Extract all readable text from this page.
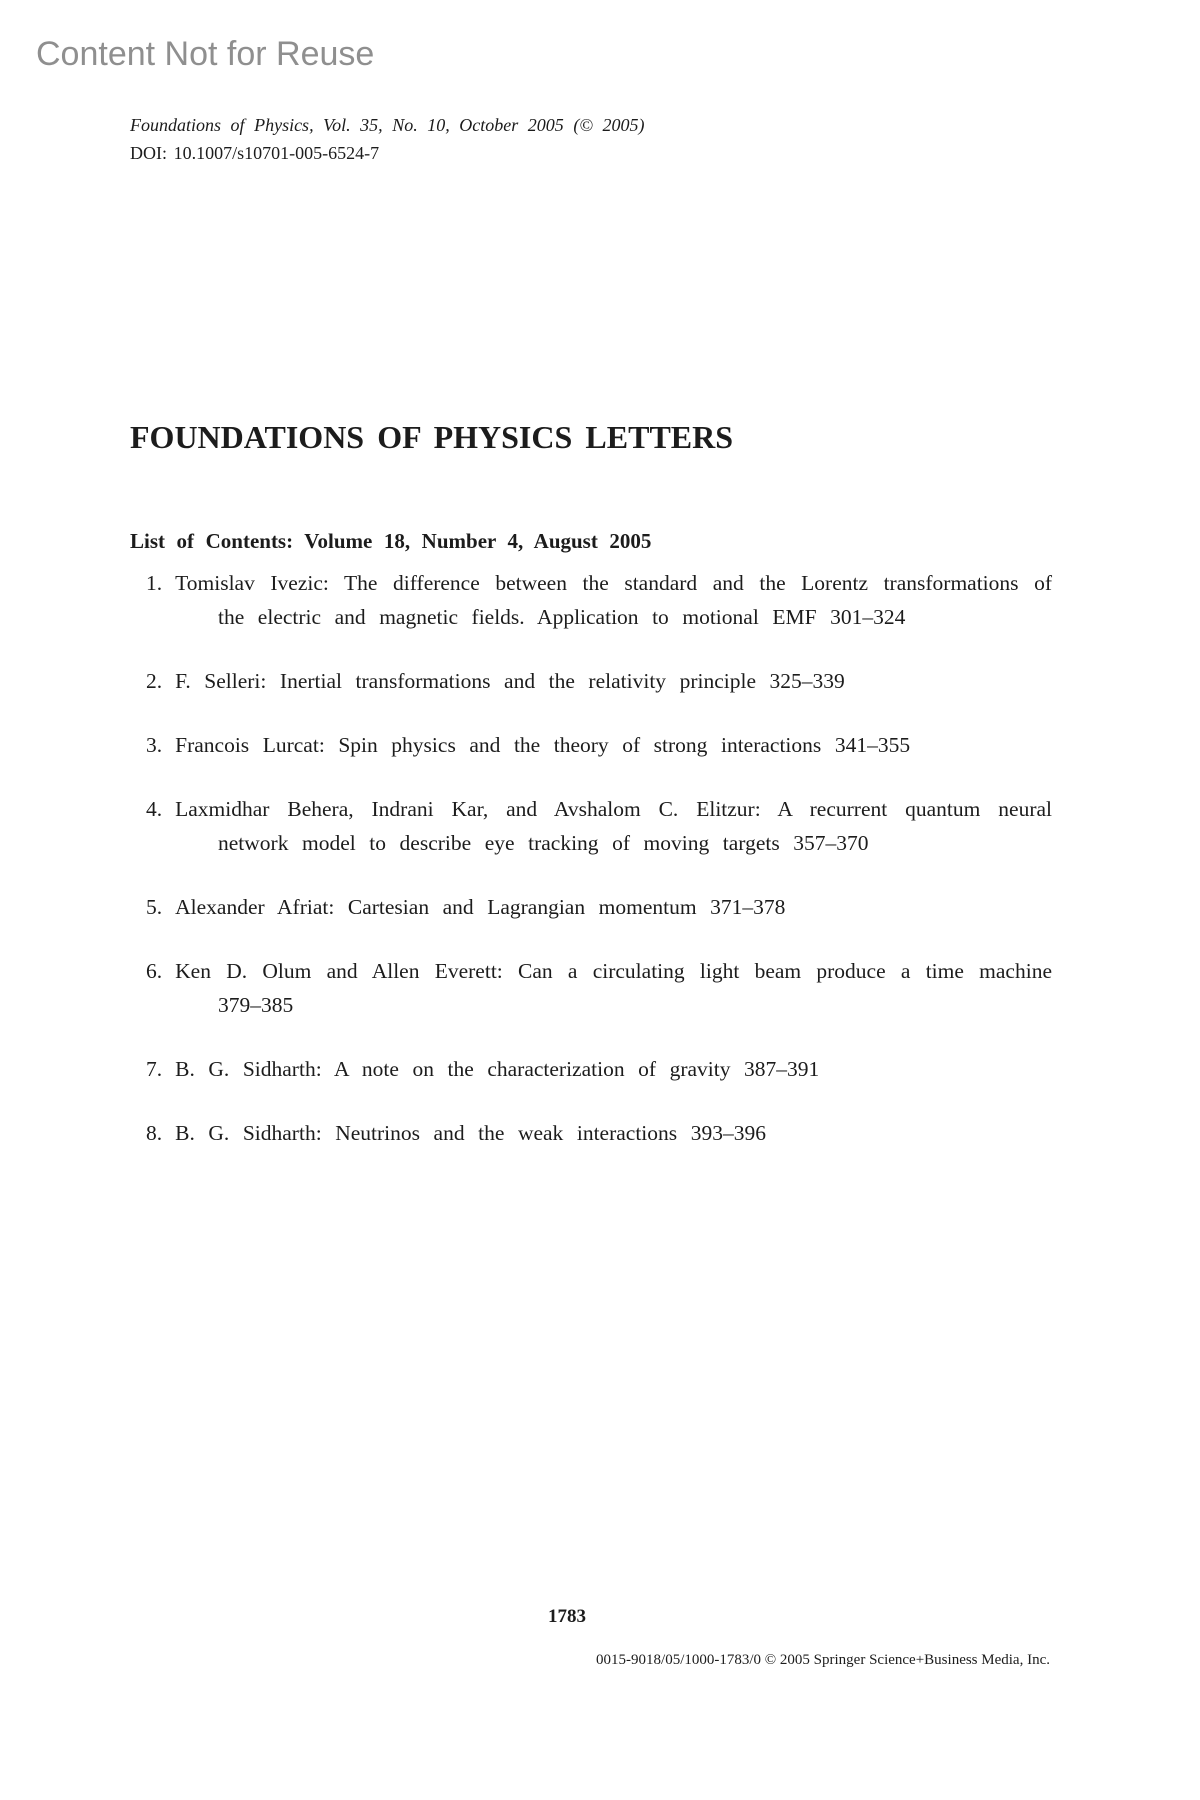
Content Not for Reuse
Foundations of Physics, Vol. 35, No. 10, October 2005 (© 2005)
DOI: 10.1007/s10701-005-6524-7
FOUNDATIONS OF PHYSICS LETTERS
List of Contents: Volume 18, Number 4, August 2005
1. Tomislav Ivezic: The difference between the standard and the Lorentz transformations of the electric and magnetic fields. Application to motional EMF 301–324
2. F. Selleri: Inertial transformations and the relativity principle 325–339
3. Francois Lurcat: Spin physics and the theory of strong interactions 341–355
4. Laxmidhar Behera, Indrani Kar, and Avshalom C. Elitzur: A recurrent quantum neural network model to describe eye tracking of moving targets 357–370
5. Alexander Afriat: Cartesian and Lagrangian momentum 371–378
6. Ken D. Olum and Allen Everett: Can a circulating light beam produce a time machine 379–385
7. B. G. Sidharth: A note on the characterization of gravity 387–391
8. B. G. Sidharth: Neutrinos and the weak interactions 393–396
1783
0015-9018/05/1000-1783/0 © 2005 Springer Science+Business Media, Inc.
